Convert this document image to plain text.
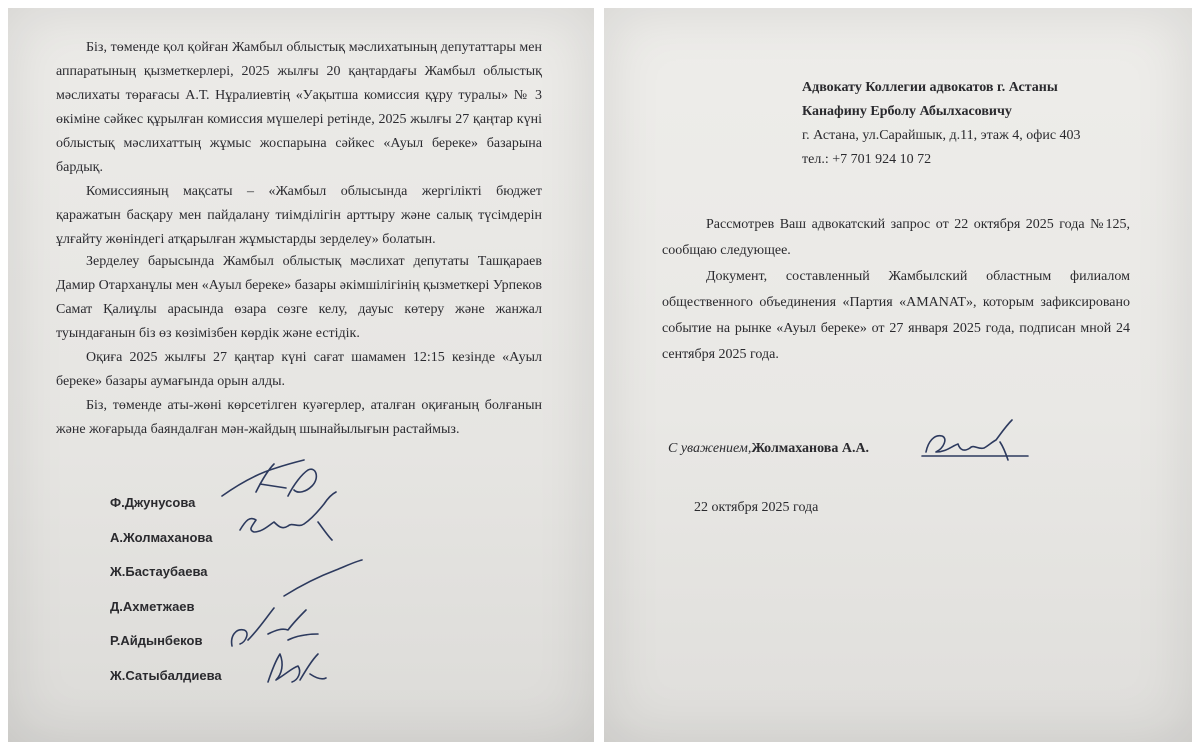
Біз, төменде қол қойған Жамбыл облыстық мәслихатының депутаттары мен аппаратының қызметкерлері, 2025 жылғы 20 қаңтардағы Жамбыл облыстық мәслихаты төрағасы А.Т. Нұралиевтің «Уақытша комиссия құру туралы» № 3 өкіміне сәйкес құрылған комиссия мүшелері ретінде, 2025 жылғы 27 қаңтар күні облыстық мәслихаттың жұмыс жоспарына сәйкес «Ауыл береке» базарына бардық.

Комиссияның мақсаты – «Жамбыл облысында жергілікті бюджет қаражатын басқару мен пайдалану тиімділігін арттыру және салық түсімдерін ұлғайту жөніндегі атқарылған жұмыстарды зерделеу» болатын.

Зерделеу барысында Жамбыл облыстық мәслихат депутаты Ташқараев Дамир Отарханұлы мен «Ауыл береке» базары әкімшілігінің қызметкері Урпеков Самат Қалиұлы арасында өзара сөзге келу, дауыс көтеру және жанжал туындағанын біз өз көзімізбен көрдік және естідік.

Оқиға 2025 жылғы 27 қаңтар күні сағат шамамен 12:15 кезінде «Ауыл береке» базары аумағында орын алды.

Біз, төменде аты-жөні көрсетілген куәгерлер, аталған оқиғаның болғанын және жоғарыда баяндалған мән-жайдың шынайылығын растаймыз.

Ф.Джунусова
А.Жолмаханова
Ж.Бастаубаева
Д.Ахметжаев
Р.Айдынбеков
Ж.Сатыбалдиева
Адвокату Коллегии адвокатов г. Астаны
Канафину Ерболу Абылхасовичу
г. Астана, ул.Сарайшык, д.11, этаж 4, офис 403
тел.: +7 701 924 10 72

Рассмотрев Ваш адвокатский запрос от 22 октября 2025 года №125, сообщаю следующее.

Документ, составленный Жамбылский областным филиалом общественного объединения «Партия «AMANAT», которым зафиксировано событие на рынке «Ауыл береке» от 27 января 2025 года, подписан мной 24 сентября 2025 года.

С уважением,Жолмаханова А.А.
22 октября 2025 года
